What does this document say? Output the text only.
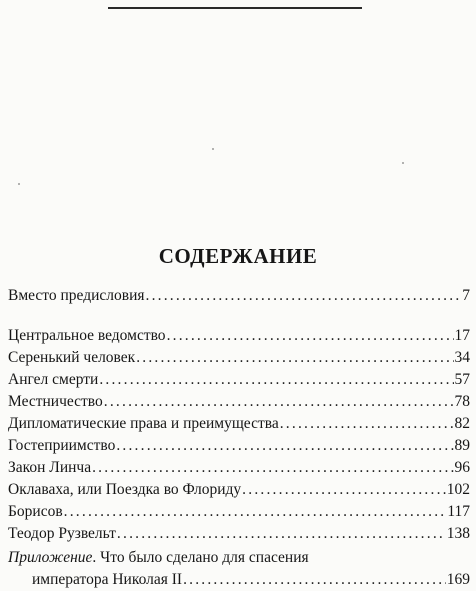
СОДЕРЖАНИЕ
Вместо предисловия .....	7
Центральное ведомство .....	17
Серенький человек .....	34
Ангел смерти .....	57
Местничество .....	78
Дипломатические права и преимущества .....	82
Гостеприимство .....	89
Закон Линча .....	96
Оклаваха, или Поездка во Флориду .....	102
Борисов .....	117
Теодор Рузвельт .....	138
Приложение. Что было сделано для спасения
императора Николая II .....	169
